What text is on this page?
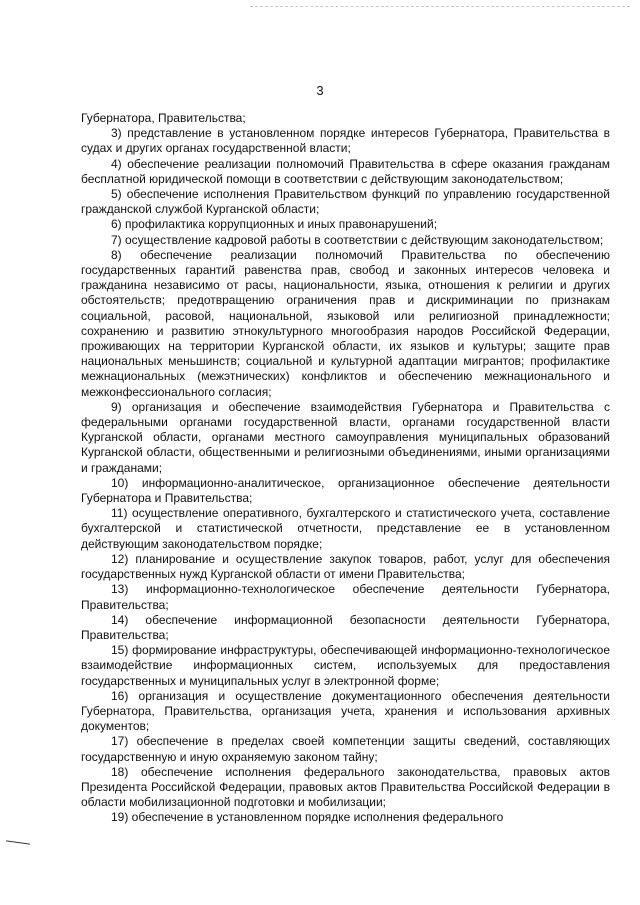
3

Губернатора, Правительства;

3) представление в установленном порядке интересов Губернатора, Правительства в судах и других органах государственной власти;

4) обеспечение реализации полномочий Правительства в сфере оказания гражданам бесплатной юридической помощи в соответствии с действующим законодательством;

5) обеспечение исполнения Правительством функций по управлению государственной гражданской службой Курганской области;

6) профилактика коррупционных и иных правонарушений;

7) осуществление кадровой работы в соответствии с действующим законодательством;

8) обеспечение реализации полномочий Правительства по обеспечению государственных гарантий равенства прав, свобод и законных интересов человека и гражданина независимо от расы, национальности, языка, отношения к религии и других обстоятельств; предотвращению ограничения прав и дискриминации по признакам социальной, расовой, национальной, языковой или религиозной принадлежности; сохранению и развитию этнокультурного многообразия народов Российской Федерации, проживающих на территории Курганской области, их языков и культуры; защите прав национальных меньшинств; социальной и культурной адаптации мигрантов; профилактике межнациональных (межэтнических) конфликтов и обеспечению межнационального и межконфессионального согласия;

9) организация и обеспечение взаимодействия Губернатора и Правительства с федеральными органами государственной власти, органами государственной власти Курганской области, органами местного самоуправления муниципальных образований Курганской области, общественными и религиозными объединениями, иными организациями и гражданами;

10) информационно-аналитическое, организационное обеспечение деятельности Губернатора и Правительства;

11) осуществление оперативного, бухгалтерского и статистического учета, составление бухгалтерской и статистической отчетности, представление ее в установленном действующим законодательством порядке;

12) планирование и осуществление закупок товаров, работ, услуг для обеспечения государственных нужд Курганской области от имени Правительства;

13) информационно-технологическое обеспечение деятельности Губернатора, Правительства;

14) обеспечение информационной безопасности деятельности Губернатора, Правительства;

15) формирование инфраструктуры, обеспечивающей информационно-технологическое взаимодействие информационных систем, используемых для предоставления государственных и муниципальных услуг в электронной форме;

16) организация и осуществление документационного обеспечения деятельности Губернатора, Правительства, организация учета, хранения и использования архивных документов;

17) обеспечение в пределах своей компетенции защиты сведений, составляющих государственную и иную охраняемую законом тайну;

18) обеспечение исполнения федерального законодательства, правовых актов Президента Российской Федерации, правовых актов Правительства Российской Федерации в области мобилизационной подготовки и мобилизации;

19) обеспечение в установленном порядке исполнения федерального
